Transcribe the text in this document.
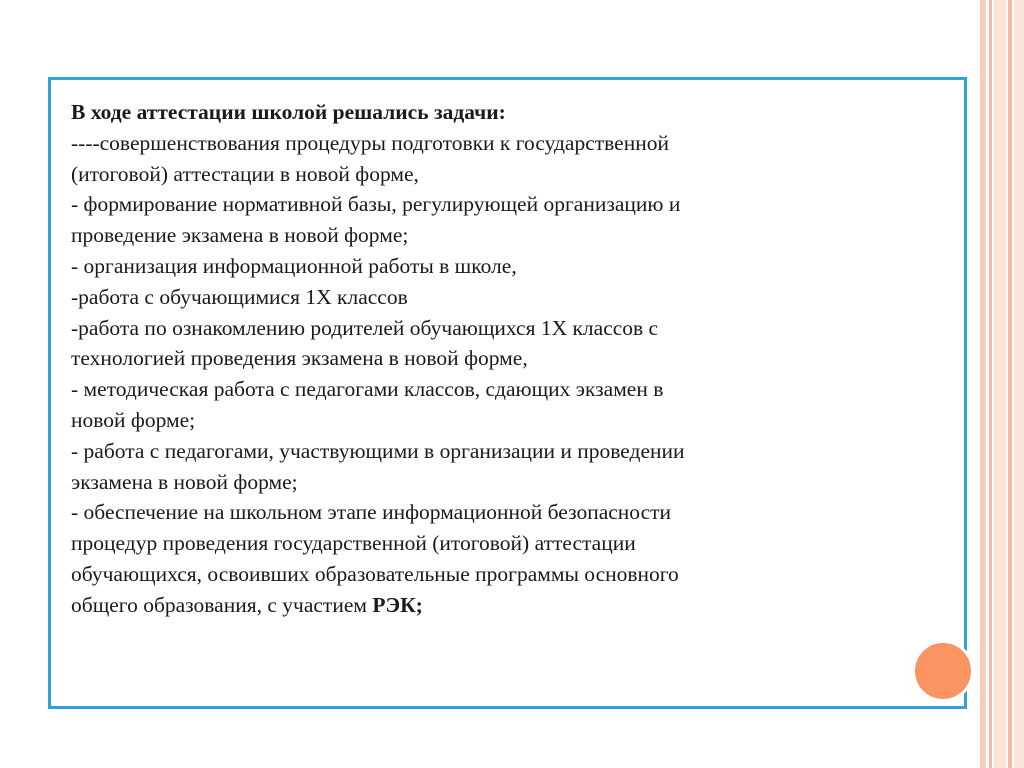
В ходе аттестации школой решались задачи:
----совершенствования процедуры подготовки к государственной
(итоговой) аттестации в новой форме,
- формирование нормативной базы, регулирующей организацию и
проведение экзамена в новой форме;
- организация информационной работы в школе,
-работа с обучающимися 1Х классов
-работа по ознакомлению родителей обучающихся 1Х классов с
технологией проведения экзамена в новой форме,
- методическая работа с педагогами классов, сдающих экзамен в
новой форме;
- работа с педагогами, участвующими в организации и проведении
экзамена в новой форме;
- обеспечение на школьном этапе информационной безопасности
процедур проведения государственной (итоговой) аттестации
обучающихся, освоивших образовательные программы основного
общего образования, с участием РЭК;
